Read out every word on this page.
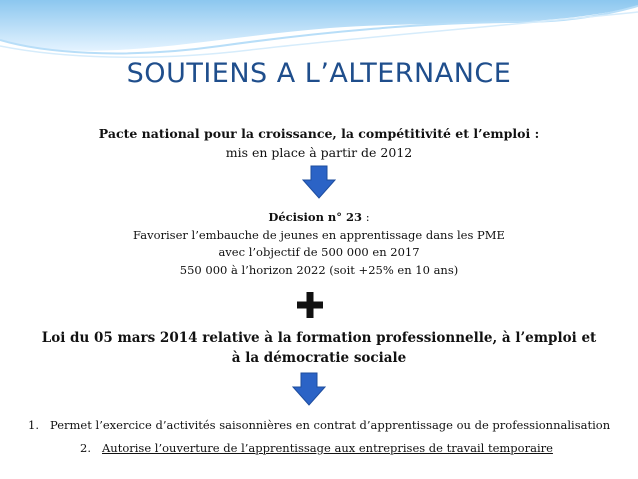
SOUTIENS A L’ALTERNANCE
Pacte national pour la croissance, la compétitivité et l’emploi :
mis en place à partir de 2012
Décision n° 23 :
Favoriser l’embauche de jeunes en apprentissage dans les PME
avec l’objectif de 500 000 en 2017
550 000 à l’horizon 2022 (soit +25% en 10 ans)
Loi du 05 mars 2014 relative à la formation professionnelle, à l’emploi et
à la démocratie sociale
1. Permet l’exercice d’activités saisonnières en contrat d’apprentissage ou de professionnalisation
2. Autorise l’ouverture de l’apprentissage aux entreprises de travail temporaire
